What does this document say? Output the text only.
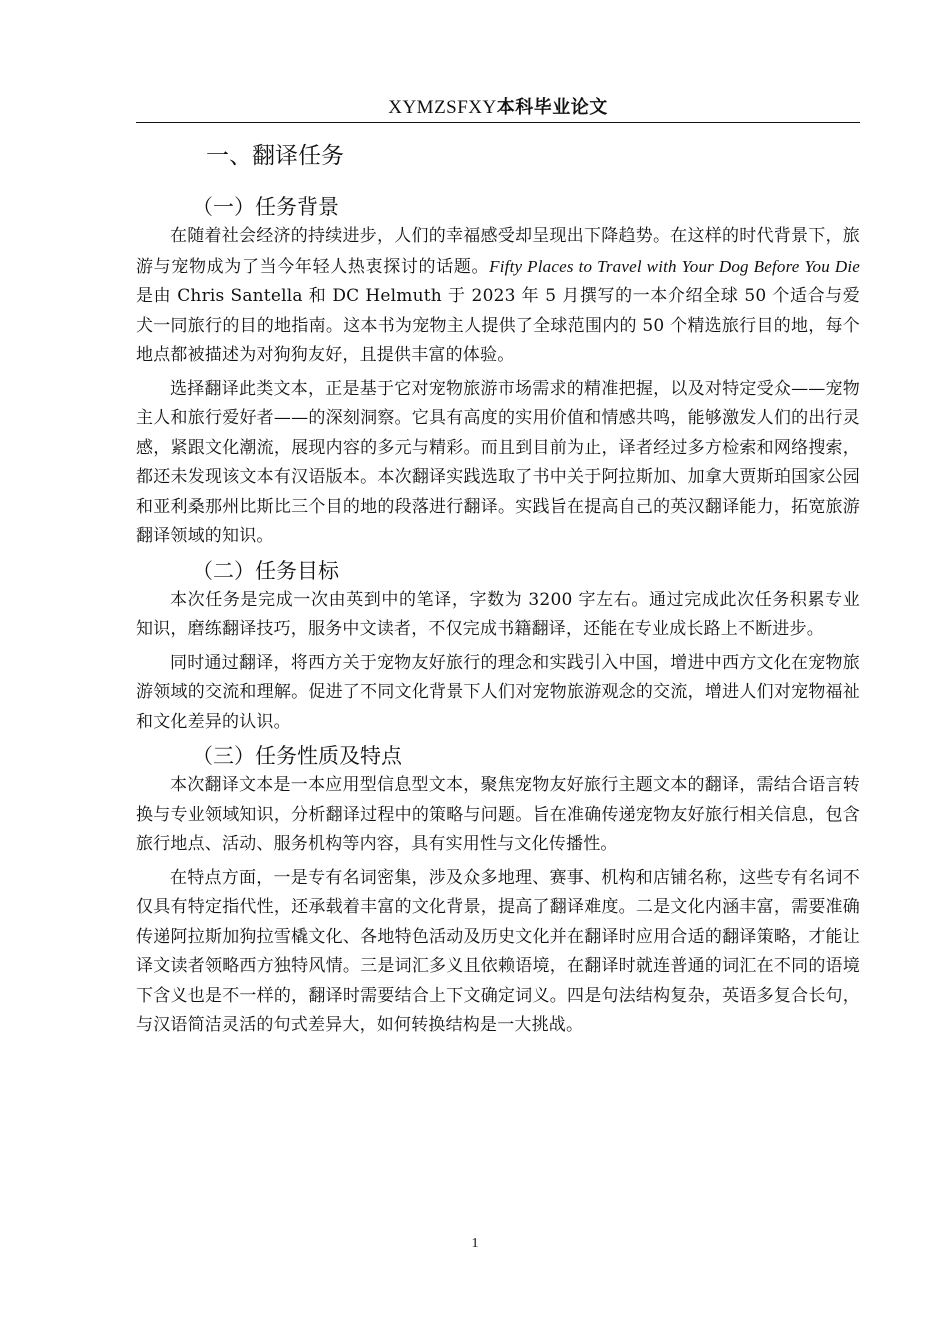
XYMZSFXY本科毕业论文
一、翻译任务
（一）任务背景

在随着社会经济的持续进步，人们的幸福感受却呈现出下降趋势。在这样的时代背景下，旅游与宠物成为了当今年轻人热衷探讨的话题。Fifty Places to Travel with Your Dog Before You Die是由 Chris Santella 和 DC Helmuth 于 2023 年 5 月撰写的一本介绍全球 50 个适合与爱犬一同旅行的目的地指南。这本书为宠物主人提供了全球范围内的 50 个精选旅行目的地，每个地点都被描述为对狗狗友好，且提供丰富的体验。

选择翻译此类文本，正是基于它对宠物旅游市场需求的精准把握，以及对特定受众——宠物主人和旅行爱好者——的深刻洞察。它具有高度的实用价值和情感共鸣，能够激发人们的出行灵感，紧跟文化潮流，展现内容的多元与精彩。而且到目前为止，译者经过多方检索和网络搜索，都还未发现该文本有汉语版本。本次翻译实践选取了书中关于阿拉斯加、加拿大贾斯珀国家公园和亚利桑那州比斯比三个目的地的段落进行翻译。实践旨在提高自己的英汉翻译能力，拓宽旅游翻译领域的知识。

（二）任务目标

本次任务是完成一次由英到中的笔译，字数为 3200 字左右。通过完成此次任务积累专业知识，磨练翻译技巧，服务中文读者，不仅完成书籍翻译，还能在专业成长路上不断进步。

同时通过翻译，将西方关于宠物友好旅行的理念和实践引入中国，增进中西方文化在宠物旅游领域的交流和理解。促进了不同文化背景下人们对宠物旅游观念的交流，增进人们对宠物福祉和文化差异的认识。

（三）任务性质及特点

本次翻译文本是一本应用型信息型文本，聚焦宠物友好旅行主题文本的翻译，需结合语言转换与专业领域知识，分析翻译过程中的策略与问题。旨在准确传递宠物友好旅行相关信息，包含旅行地点、活动、服务机构等内容，具有实用性与文化传播性。

在特点方面，一是专有名词密集，涉及众多地理、赛事、机构和店铺名称，这些专有名词不仅具有特定指代性，还承载着丰富的文化背景，提高了翻译难度。二是文化内涵丰富，需要准确传递阿拉斯加狗拉雪橇文化、各地特色活动及历史文化并在翻译时应用合适的翻译策略，才能让译文读者领略西方独特风情。三是词汇多义且依赖语境，在翻译时就连普通的词汇在不同的语境下含义也是不一样的，翻译时需要结合上下文确定词义。四是句法结构复杂，英语多复合长句，与汉语简洁灵活的句式差异大，如何转换结构是一大挑战。

1
